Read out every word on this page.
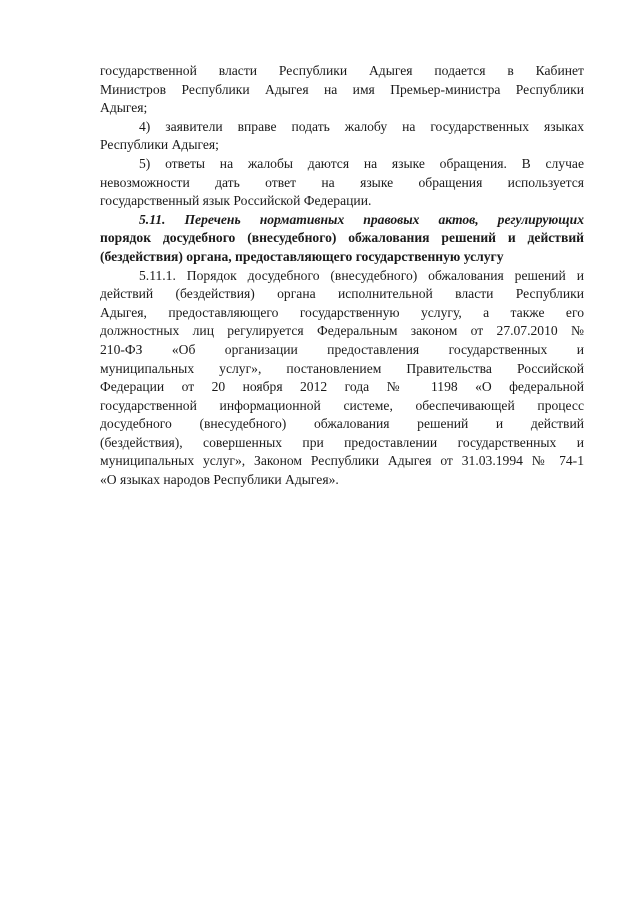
государственной власти Республики Адыгея подается в Кабинет
Министров Республики Адыгея на имя Премьер-министра Республики
Адыгея;
4) заявители вправе подать жалобу на государственных языках
Республики Адыгея;
5) ответы на жалобы даются на языке обращения. В случае
невозможности дать ответ на языке обращения используется
государственный язык Российской Федерации.
5.11. Перечень нормативных правовых актов, регулирующих
порядок досудебного (внесудебного) обжалования решений и действий
(бездействия) органа, предоставляющего государственную услугу
5.11.1. Порядок досудебного (внесудебного) обжалования решений и
действий (бездействия) органа исполнительной власти Республики
Адыгея, предоставляющего государственную услугу, а также его
должностных лиц регулируется Федеральным законом от 27.07.2010 №
210-ФЗ «Об организации предоставления государственных и
муниципальных услуг», постановлением Правительства Российской
Федерации от 20 ноября 2012 года № 1198 «О федеральной
государственной информационной системе, обеспечивающей процесс
досудебного (внесудебного) обжалования решений и действий
(бездействия), совершенных при предоставлении государственных и
муниципальных услуг», Законом Республики Адыгея от 31.03.1994 № 74-1
«О языках народов Республики Адыгея».
